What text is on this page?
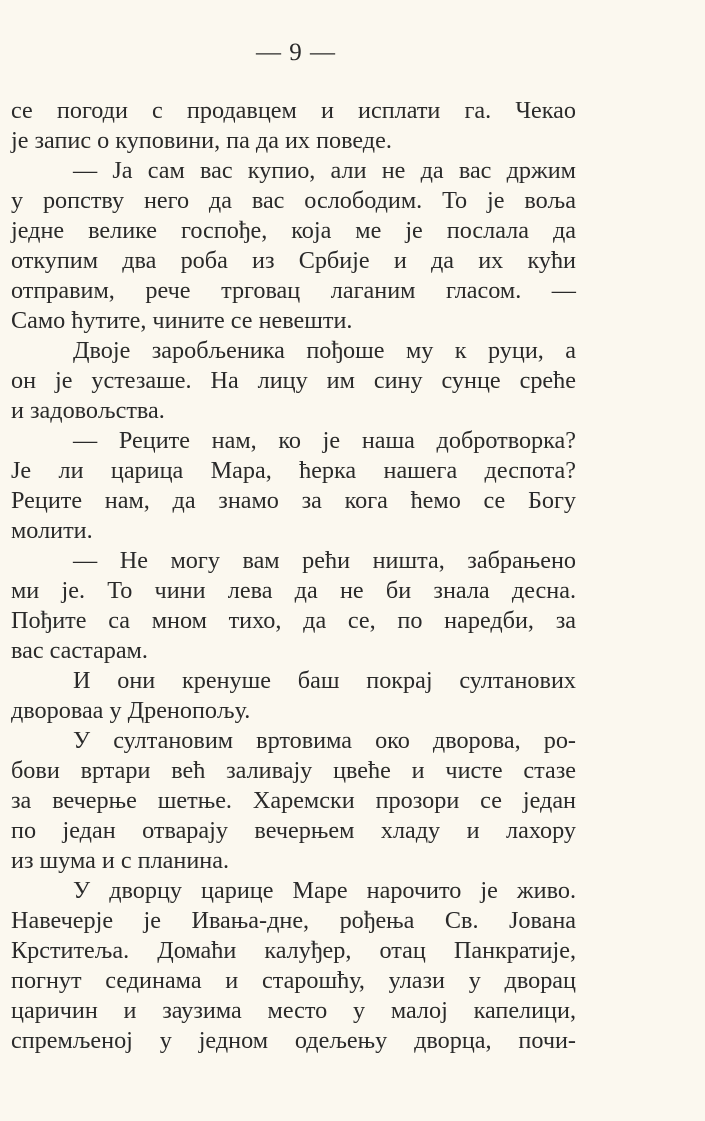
— 9 —
се погоди с продавцем и исплати га. Чекао
је запис о куповини, па да их поведе.
— Ја сам вас купио, али не да вас држим
у ропству него да вас ослободим. То је воља
једне велике госпође, која ме је послала да
откупим два роба из Србије и да их кући
отправим, рече трговац лаганим гласом. —
Само ћутите, чините се невешти.
Двоје заробљеника пођоше му к руци, а
он је устезаше. На лицу им сину сунце среће
и задовољства.
— Реците нам, ко је наша добротворка?
Је ли царица Мара, ћерка нашега деспота?
Реците нам, да знамо за кога ћемо се Богу
молити.
— Не могу вам рећи ништа, забрањено
ми је. То чини лева да не би знала десна.
Пођите са мном тихо, да се, по наредби, за
вас састарам.
И они кренуше баш покрај султанових
двороваа у Дренопољу.
У султановим вртовима око дворова, ро-
бови вртари већ заливају цвеће и чисте стазе
за вечерње шетње. Харемски прозори се један
по један отварају вечерњем хладу и лахору
из шума и с планина.
У дворцу царице Маре нарочито је живо.
Навечерје је Ивања-дне, рођења Св. Јована
Крститеља. Домаћи калуђер, отац Панкратије,
погнут сединама и старошћу, улази у дворац
царичин и заузима место у малој капелици,
спремљеној у једном одељењу дворца, почи-
